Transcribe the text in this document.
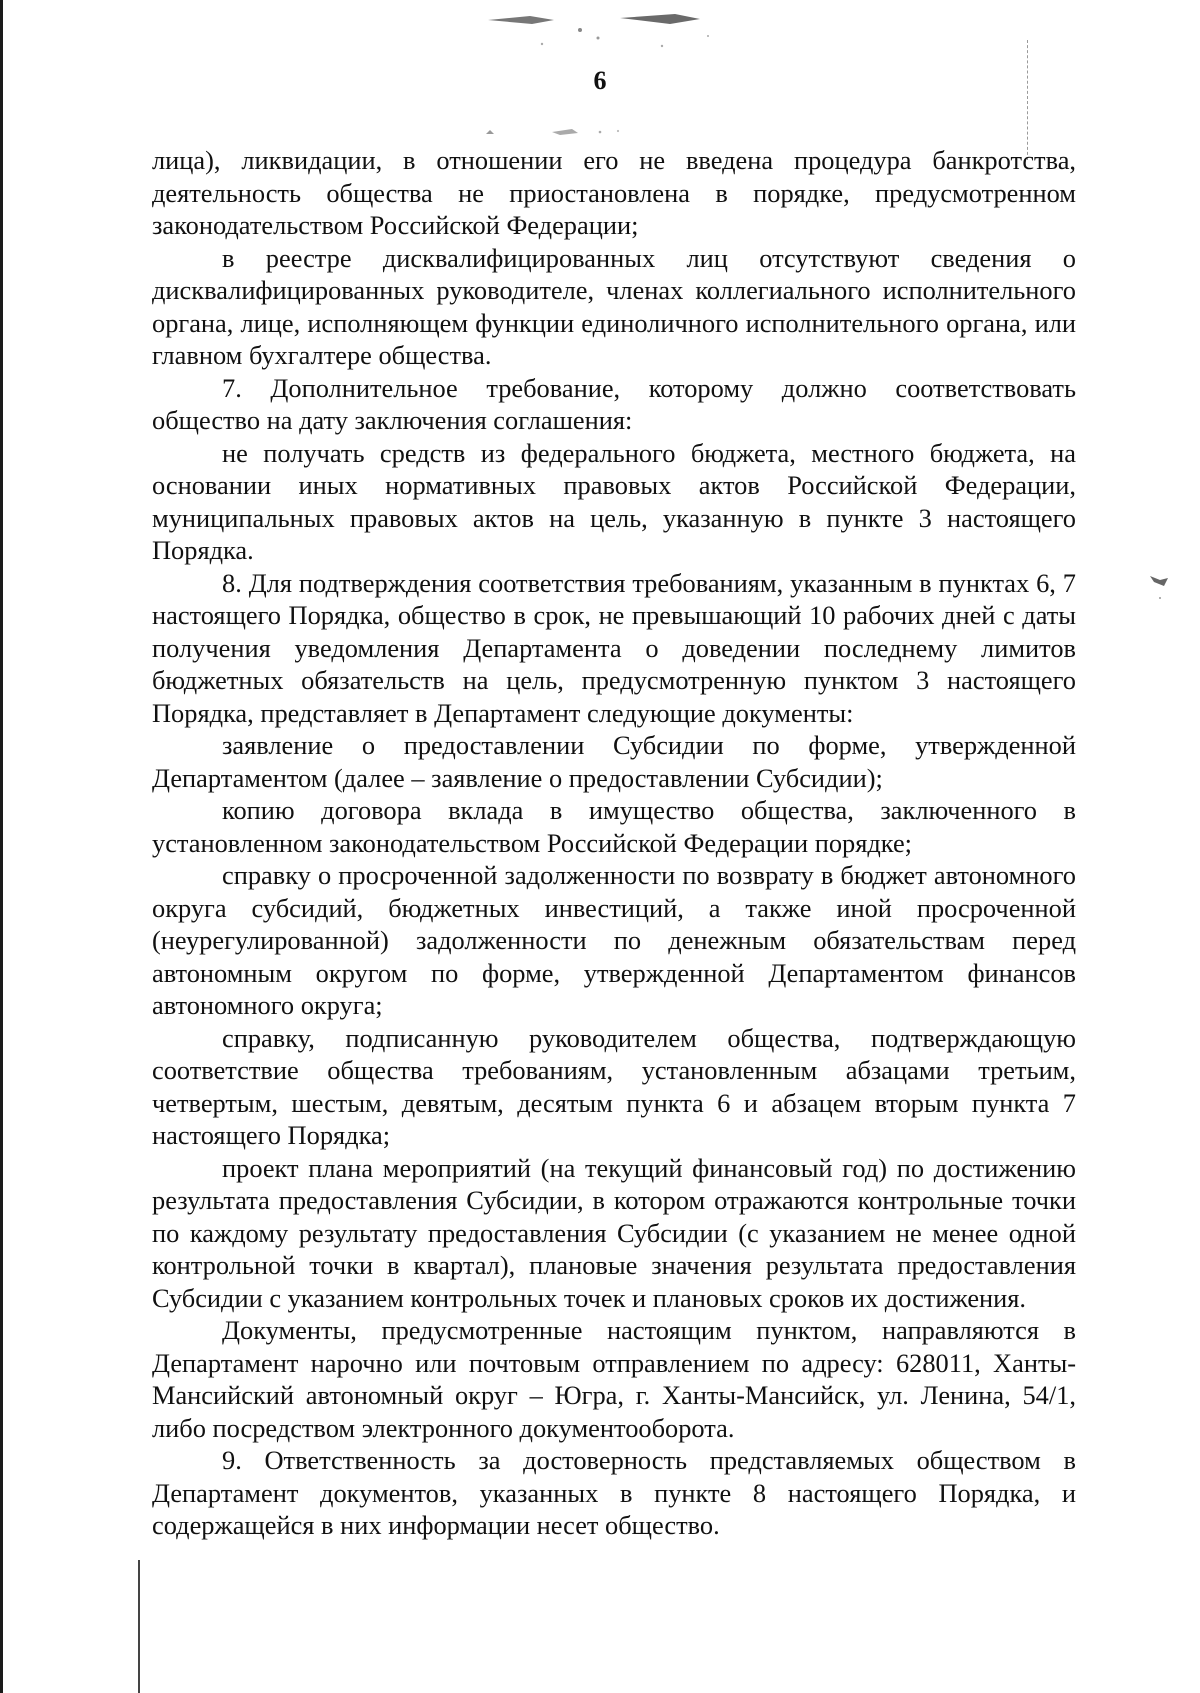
6

лица), ликвидации, в отношении его не введена процедура банкротства, деятельность общества не приостановлена в порядке, предусмотренном законодательством Российской Федерации;

в реестре дисквалифицированных лиц отсутствуют сведения о дисквалифицированных руководителе, членах коллегиального исполнительного органа, лице, исполняющем функции единоличного исполнительного органа, или главном бухгалтере общества.

7. Дополнительное требование, которому должно соответствовать общество на дату заключения соглашения:

не получать средств из федерального бюджета, местного бюджета, на основании иных нормативных правовых актов Российской Федерации, муниципальных правовых актов на цель, указанную в пункте 3 настоящего Порядка.

8. Для подтверждения соответствия требованиям, указанным в пунктах 6, 7 настоящего Порядка, общество в срок, не превышающий 10 рабочих дней с даты получения уведомления Департамента о доведении последнему лимитов бюджетных обязательств на цель, предусмотренную пунктом 3 настоящего Порядка, представляет в Департамент следующие документы:

заявление о предоставлении Субсидии по форме, утвержденной Департаментом (далее – заявление о предоставлении Субсидии);

копию договора вклада в имущество общества, заключенного в установленном законодательством Российской Федерации порядке;

справку о просроченной задолженности по возврату в бюджет автономного округа субсидий, бюджетных инвестиций, а также иной просроченной (неурегулированной) задолженности по денежным обязательствам перед автономным округом по форме, утвержденной Департаментом финансов автономного округа;

справку, подписанную руководителем общества, подтверждающую соответствие общества требованиям, установленным абзацами третьим, четвертым, шестым, девятым, десятым пункта 6 и абзацем вторым пункта 7 настоящего Порядка;

проект плана мероприятий (на текущий финансовый год) по достижению результата предоставления Субсидии, в котором отражаются контрольные точки по каждому результату предоставления Субсидии (с указанием не менее одной контрольной точки в квартал), плановые значения результата предоставления Субсидии с указанием контрольных точек и плановых сроков их достижения.

Документы, предусмотренные настоящим пунктом, направляются в Департамент нарочно или почтовым отправлением по адресу: 628011, Ханты-Мансийский автономный округ – Югра, г. Ханты-Мансийск, ул. Ленина, 54/1, либо посредством электронного документооборота.

9. Ответственность за достоверность представляемых обществом в Департамент документов, указанных в пункте 8 настоящего Порядка, и содержащейся в них информации несет общество.
